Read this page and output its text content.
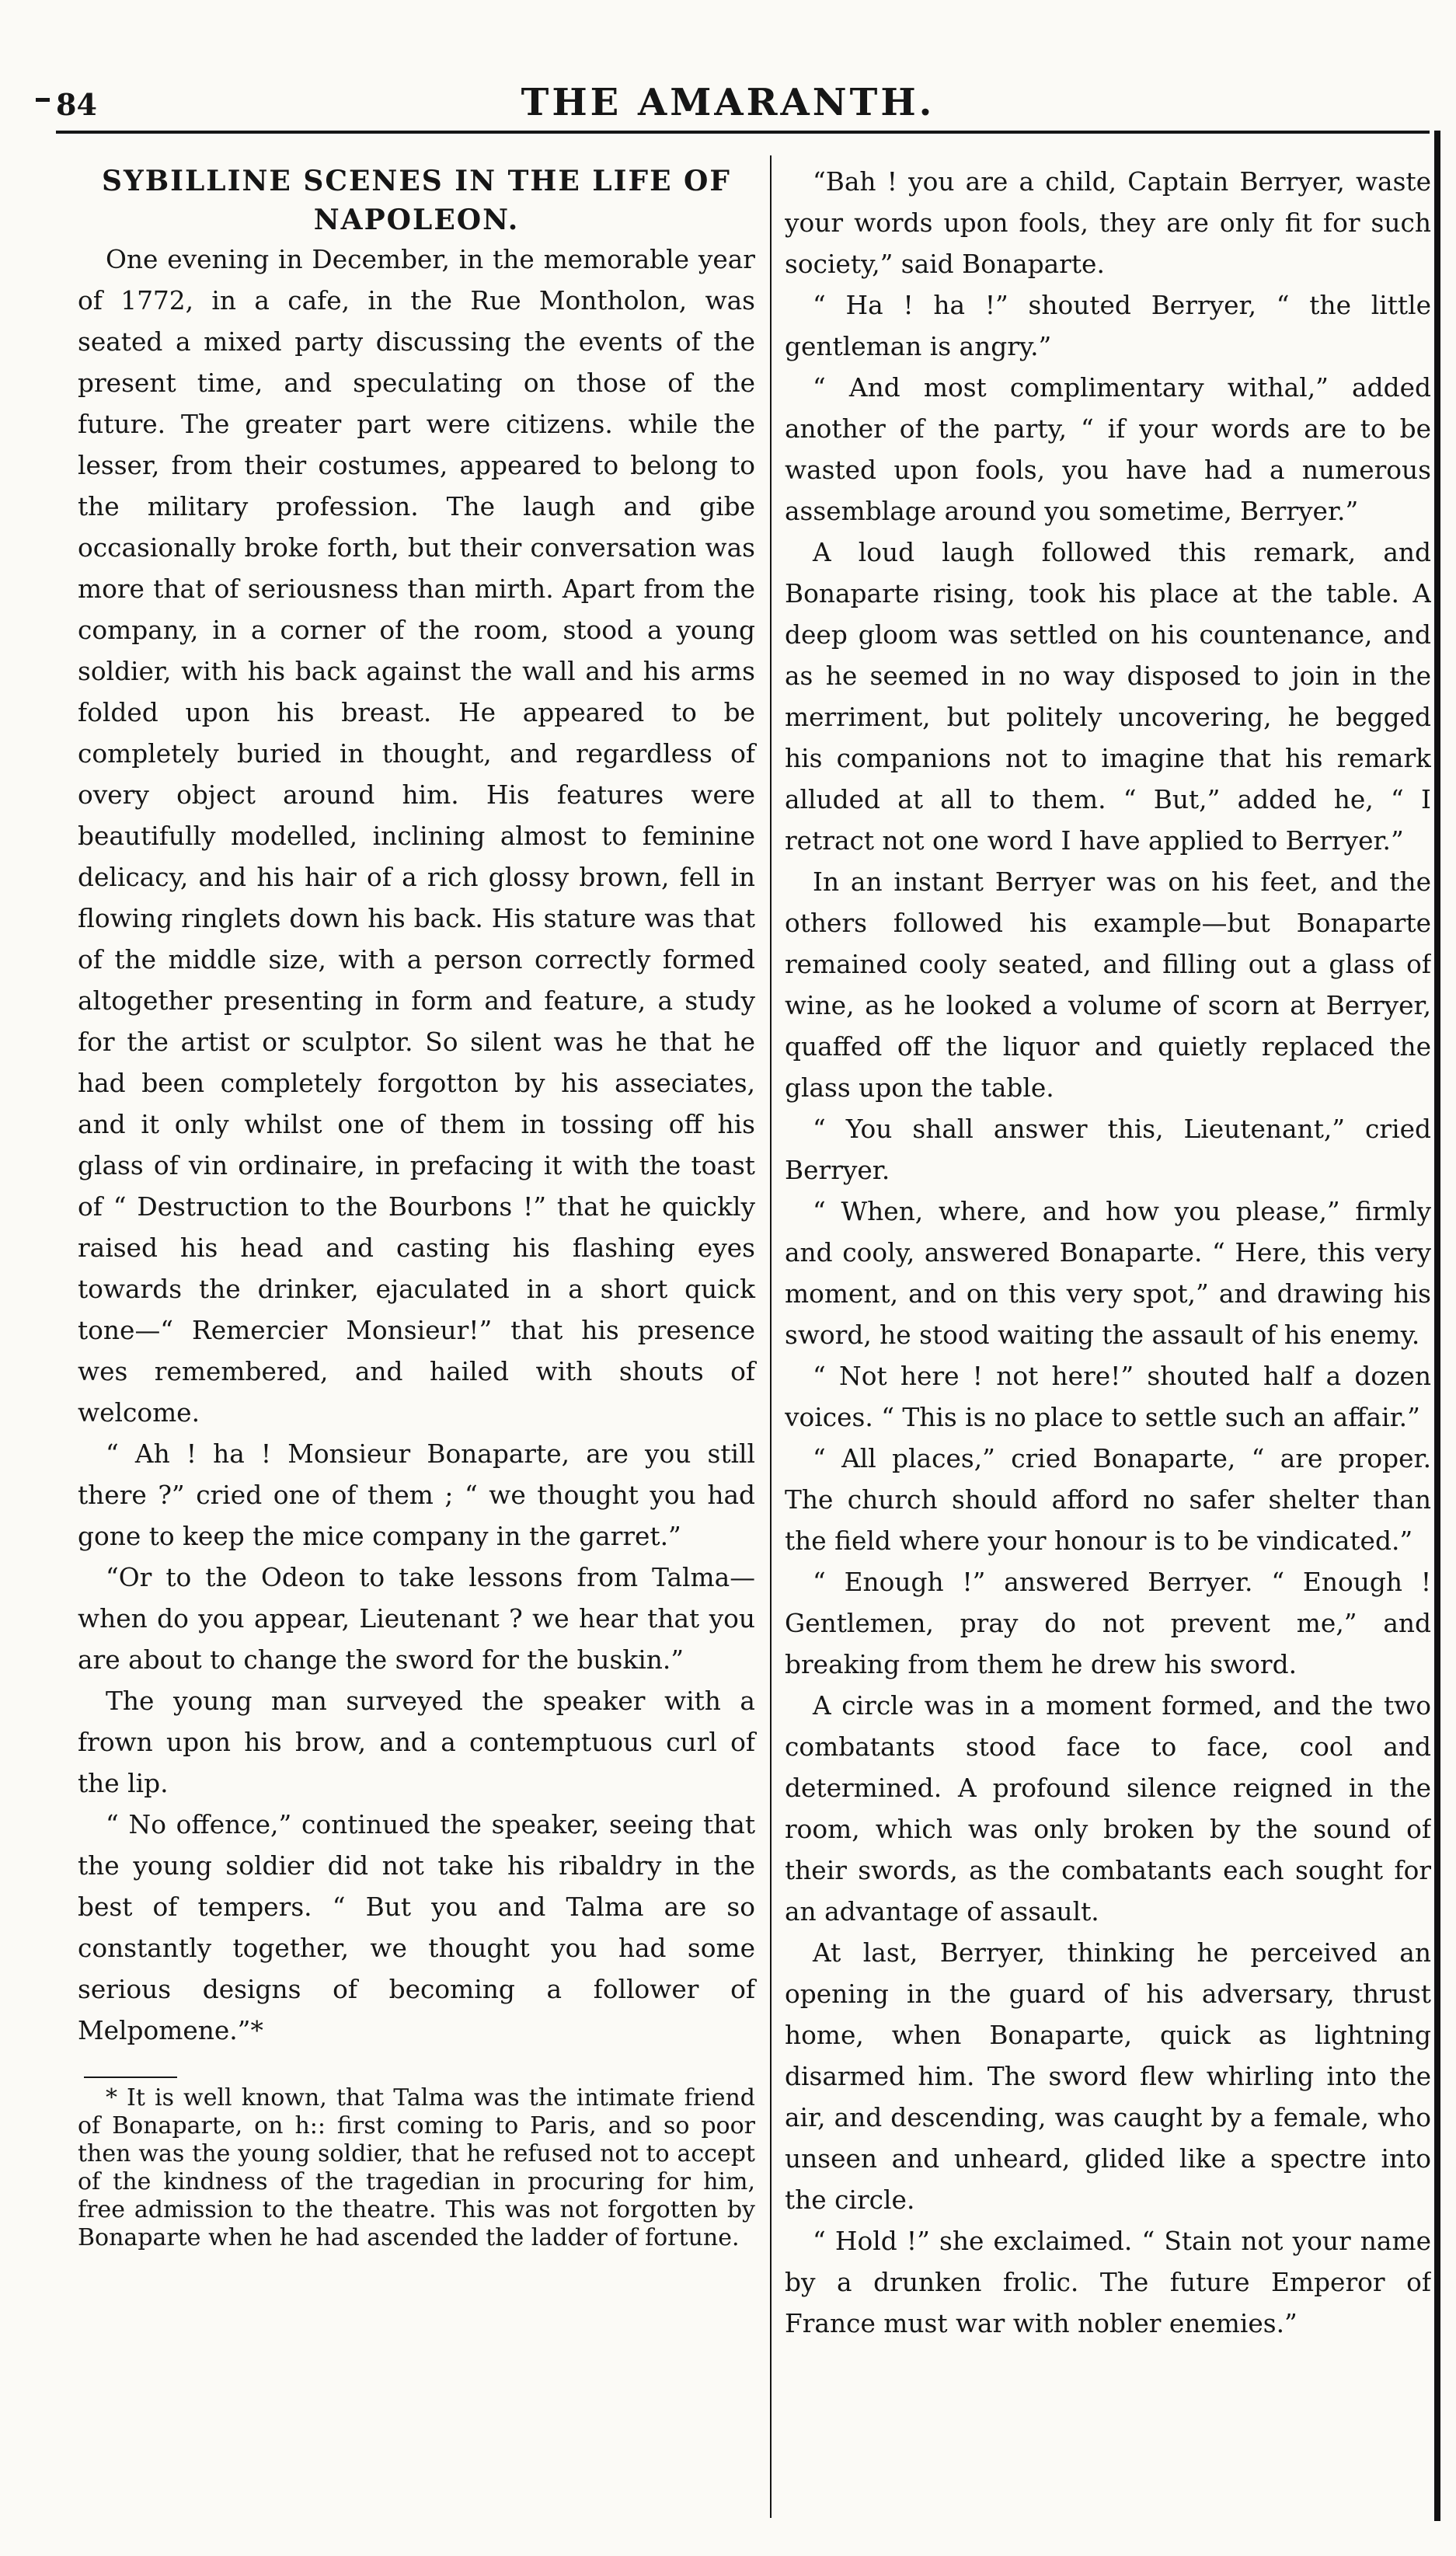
84	THE AMARANTH.

SYBILLINE SCENES IN THE LIFE OF NAPOLEON.

One evening in December, in the memorable year of 1772, in a cafe, in the Rue Montholon, was seated a mixed party discussing the events of the present time, and speculating on those of the future. The greater part were citizens. while the lesser, from their costumes, appeared to belong to the military profession. The laugh and gibe occasionally broke forth, but their conversation was more that of seriousness than mirth. Apart from the company, in a corner of the room, stood a young soldier, with his back against the wall and his arms folded upon his breast. He appeared to be completely buried in thought, and regardless of overy object around him. His features were beautifully modelled, inclining almost to feminine delicacy, and his hair of a rich glossy brown, fell in flowing ringlets down his back. His stature was that of the middle size, with a person correctly formed altogether presenting in form and feature, a study for the artist or sculptor. So silent was he that he had been completely forgotton by his asseciates, and it only whilst one of them in tossing off his glass of vin ordinaire, in prefacing it with the toast of “ Destruction to the Bourbons !” that he quickly raised his head and casting his flashing eyes towards the drinker, ejaculated in a short quick tone—“ Remercier Monsieur!” that his presence wes remembered, and hailed with shouts of welcome.

“ Ah ! ha ! Monsieur Bonaparte, are you still there ?” cried one of them ; “ we thought you had gone to keep the mice company in the garret.”

“Or to the Odeon to take lessons from Talma—when do you appear, Lieutenant ? we hear that you are about to change the sword for the buskin.”

The young man surveyed the speaker with a frown upon his brow, and a contemptuous curl of the lip.

“ No offence,” continued the speaker, seeing that the young soldier did not take his ribaldry in the best of tempers. “ But you and Talma are so constantly together, we thought you had some serious designs of becoming a follower of Melpomene.”*

* It is well known, that Talma was the intimate friend of Bonaparte, on h:: first coming to Paris, and so poor then was the young soldier, that he refused not to accept of the kindness of the tragedian in procuring for him, free admission to the theatre. This was not forgotten by Bonaparte when he had ascended the ladder of fortune.

“Bah ! you are a child, Captain Berryer, waste your words upon fools, they are only fit for such society,” said Bonaparte.

“ Ha ! ha !” shouted Berryer, “ the little gentleman is angry.”

“ And most complimentary withal,” added another of the party, “ if your words are to be wasted upon fools, you have had a numerous assemblage around you sometime, Berryer.”

A loud laugh followed this remark, and Bonaparte rising, took his place at the table. A deep gloom was settled on his countenance, and as he seemed in no way disposed to join in the merriment, but politely uncovering, he begged his companions not to imagine that his remark alluded at all to them. “ But,” added he, “ I retract not one word I have applied to Berryer.”

In an instant Berryer was on his feet, and the others followed his example—but Bonaparte remained cooly seated, and filling out a glass of wine, as he looked a volume of scorn at Berryer, quaffed off the liquor and quietly replaced the glass upon the table.

“ You shall answer this, Lieutenant,” cried Berryer.

“ When, where, and how you please,” firmly and cooly, answered Bonaparte. “ Here, this very moment, and on this very spot,” and drawing his sword, he stood waiting the assault of his enemy.

“ Not here ! not here!” shouted half a dozen voices. “ This is no place to settle such an affair.”

“ All places,” cried Bonaparte, “ are proper. The church should afford no safer shelter than the field where your honour is to be vindicated.”

“ Enough !” answered Berryer. “ Enough ! Gentlemen, pray do not prevent me,” and breaking from them he drew his sword.

A circle was in a moment formed, and the two combatants stood face to face, cool and determined. A profound silence reigned in the room, which was only broken by the sound of their swords, as the combatants each sought for an advantage of assault.

At last, Berryer, thinking he perceived an opening in the guard of his adversary, thrust home, when Bonaparte, quick as lightning disarmed him. The sword flew whirling into the air, and descending, was caught by a female, who unseen and unheard, glided like a spectre into the circle.

“ Hold !” she exclaimed. “ Stain not your name by a drunken frolic. The future Emperor of France must war with nobler enemies.”
